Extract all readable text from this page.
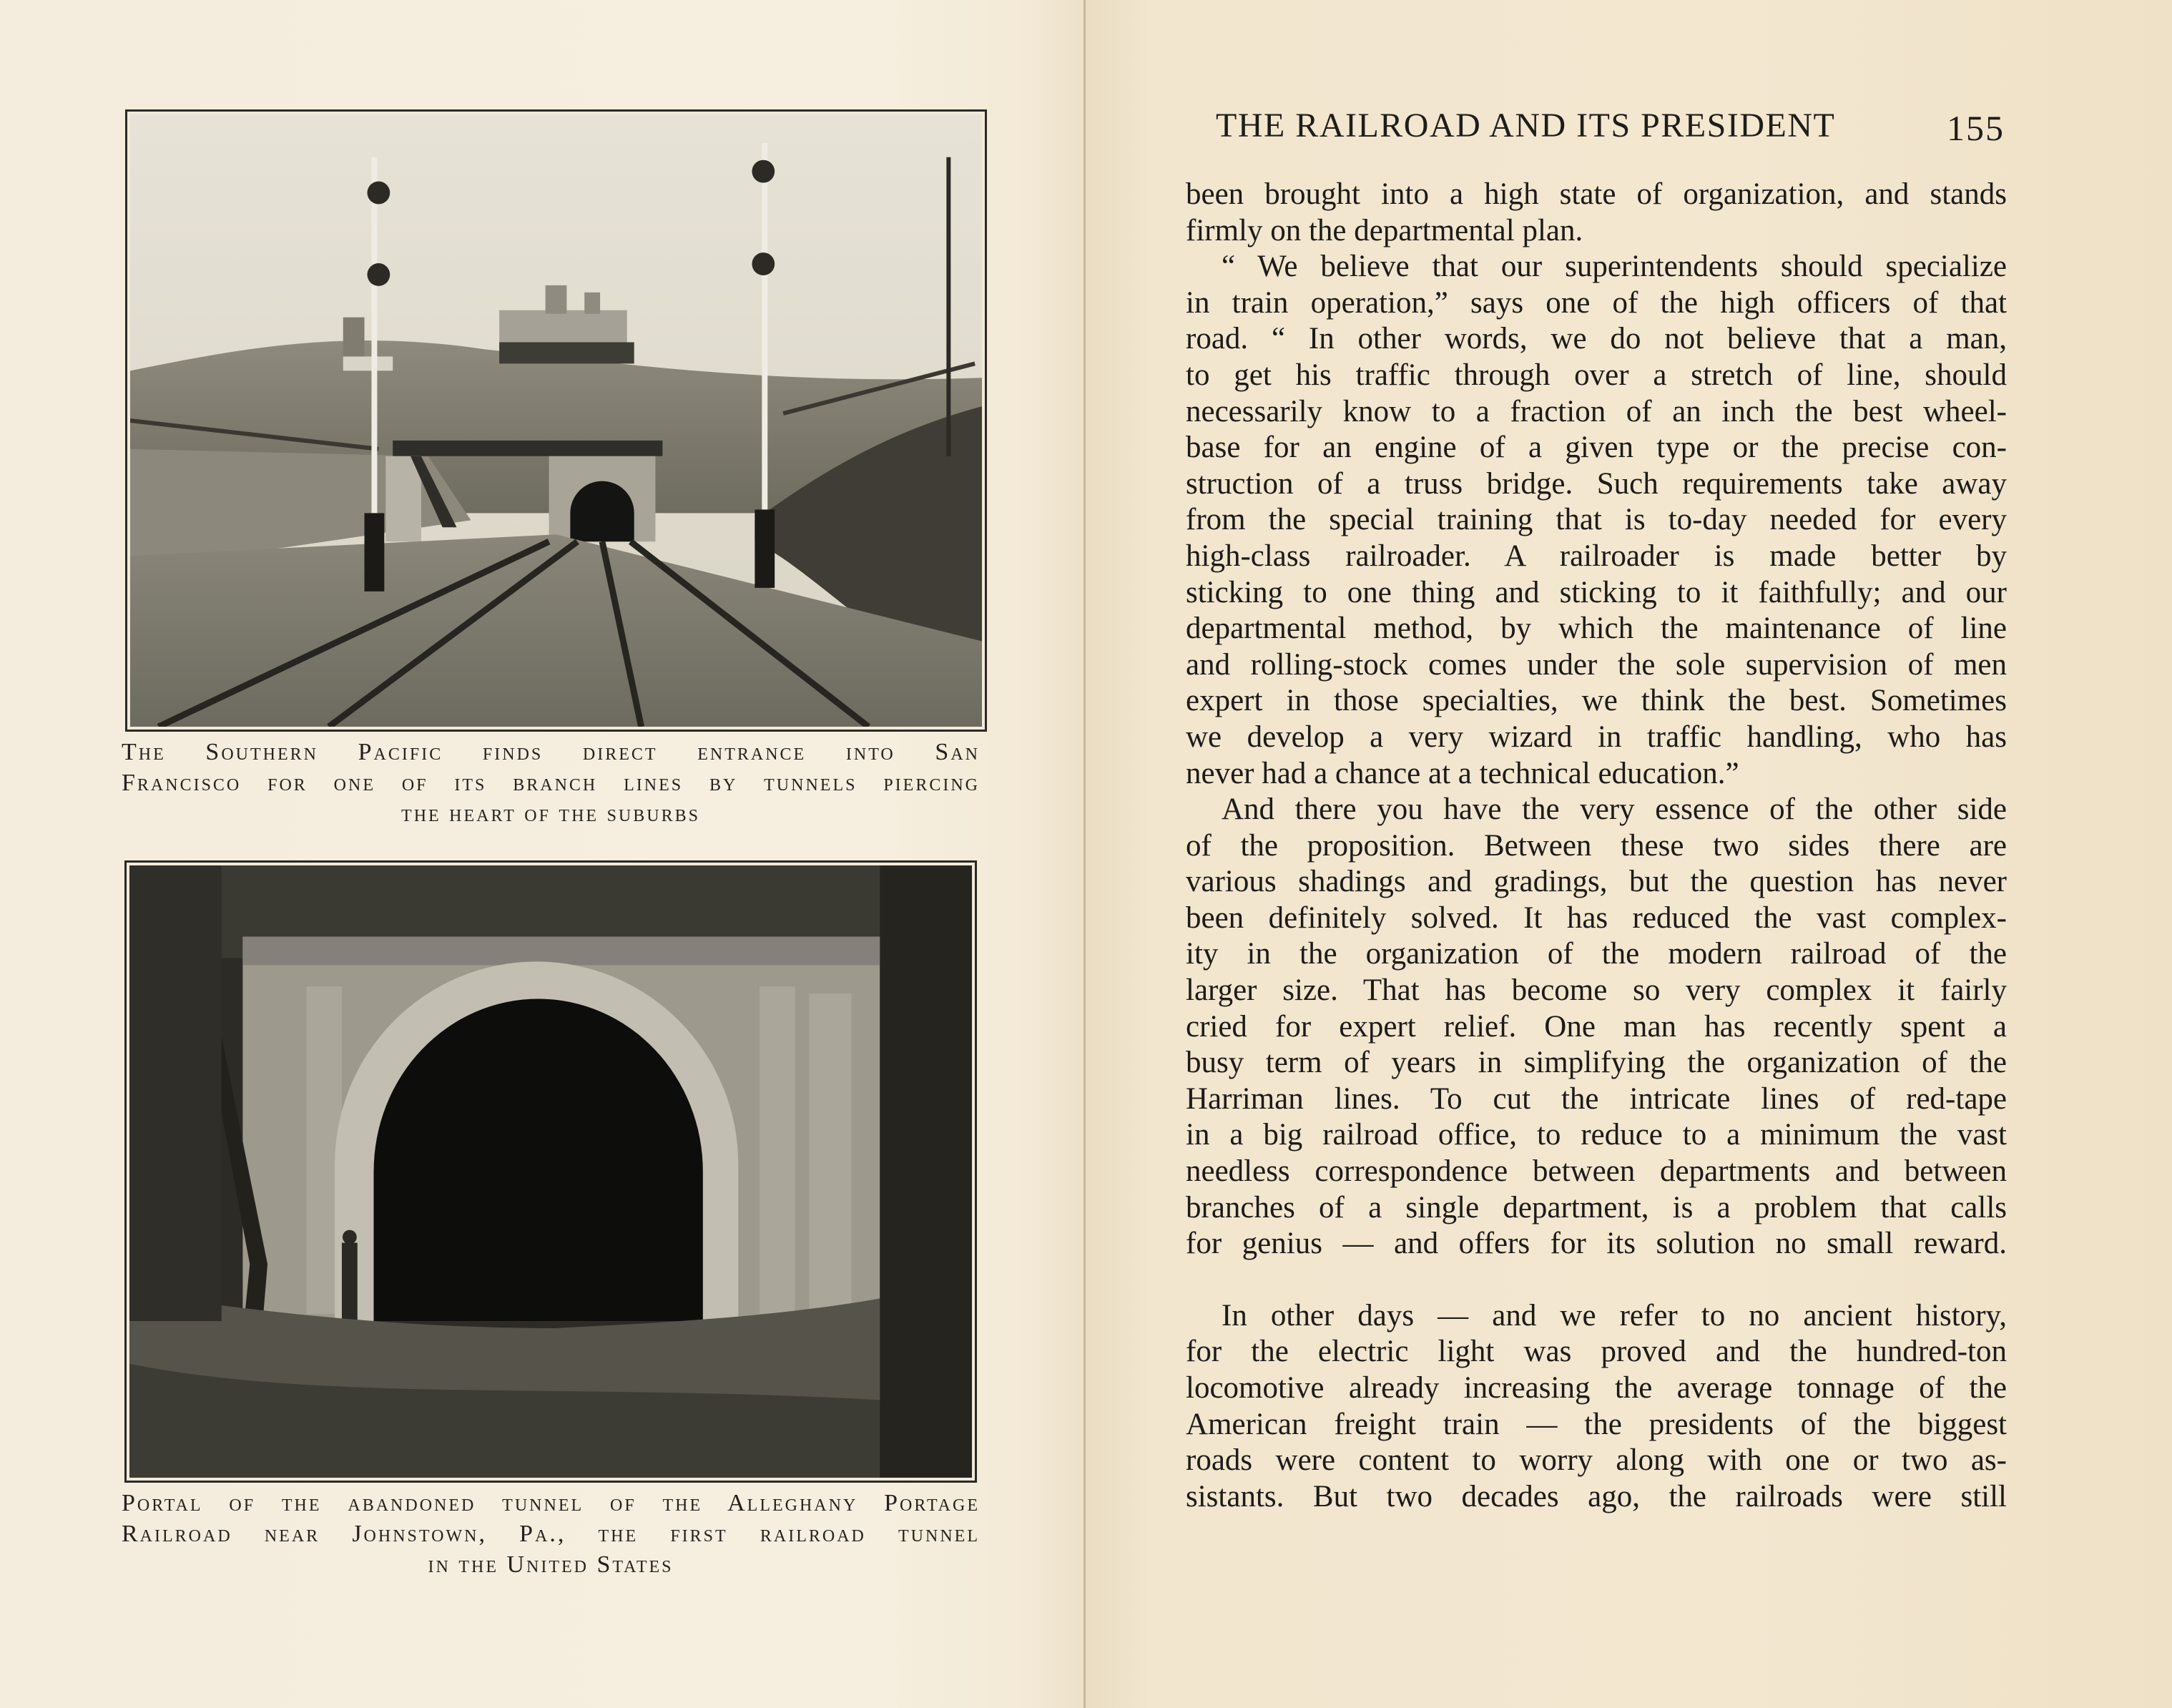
The Southern Pacific finds direct entrance into San
Francisco for one of its branch lines by tunnels piercing
the heart of the suburbs
Portal of the abandoned tunnel of the Alleghany Portage
Railroad near Johnstown, Pa., the first railroad tunnel
in the United States
THE RAILROAD AND ITS PRESIDENT	155
been brought into a high state of organization, and stands
firmly on the departmental plan.
“ We believe that our superintendents should specialize
in train operation,” says one of the high officers of that
road. “ In other words, we do not believe that a man,
to get his traffic through over a stretch of line, should
necessarily know to a fraction of an inch the best wheel-
base for an engine of a given type or the precise con-
struction of a truss bridge. Such requirements take away
from the special training that is to-day needed for every
high-class railroader. A railroader is made better by
sticking to one thing and sticking to it faithfully; and our
departmental method, by which the maintenance of line
and rolling-stock comes under the sole supervision of men
expert in those specialties, we think the best. Sometimes
we develop a very wizard in traffic handling, who has
never had a chance at a technical education.”
And there you have the very essence of the other side
of the proposition. Between these two sides there are
various shadings and gradings, but the question has never
been definitely solved. It has reduced the vast complex-
ity in the organization of the modern railroad of the
larger size. That has become so very complex it fairly
cried for expert relief. One man has recently spent a
busy term of years in simplifying the organization of the
Harriman lines. To cut the intricate lines of red-tape
in a big railroad office, to reduce to a minimum the vast
needless correspondence between departments and between
branches of a single department, is a problem that calls
for genius — and offers for its solution no small reward.
In other days — and we refer to no ancient history,
for the electric light was proved and the hundred-ton
locomotive already increasing the average tonnage of the
American freight train — the presidents of the biggest
roads were content to worry along with one or two as-
sistants. But two decades ago, the railroads were still
